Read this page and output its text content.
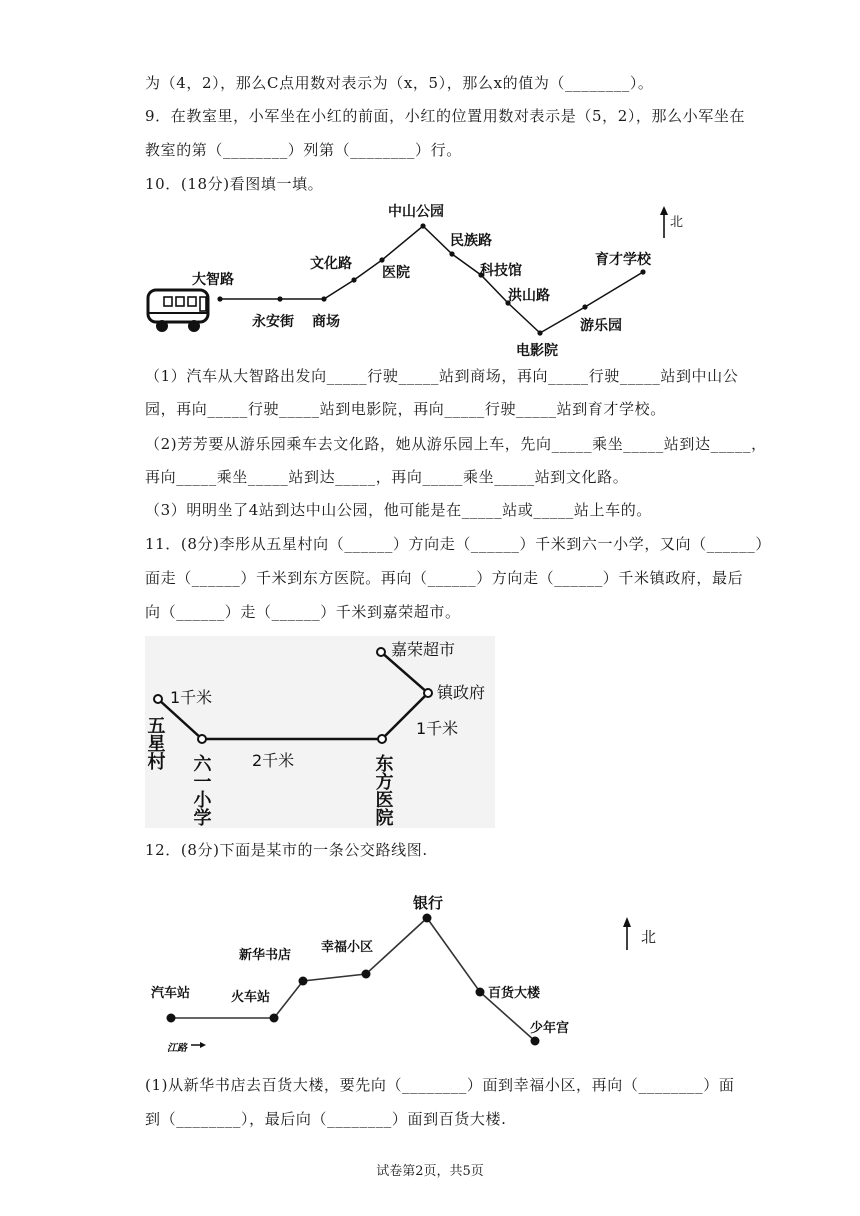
为（4，2），那么C点用数对表示为（x，5），那么x的值为（________）。
9．在教室里，小军坐在小红的前面，小红的位置用数对表示是（5，2），那么小军坐在
教室的第（________）列第（________）行。
10．(18分)看图填一填。
大智路
永安街 商场
文化路
医院
中山公园
民族路
科技馆
洪山路
电影院
游乐园
育才学校
北
（1）汽车从大智路出发向_____行驶_____站到商场，再向_____行驶_____站到中山公
园，再向_____行驶_____站到电影院，再向_____行驶_____站到育才学校。
（2)芳芳要从游乐园乘车去文化路，她从游乐园上车，先向_____乘坐_____站到达_____，
再向_____乘坐_____站到达_____，再向_____乘坐_____站到文化路。
（3）明明坐了4站到达中山公园，他可能是在_____站或_____站上车的。
11．(8分)李彤从五星村向（______）方向走（______）千米到六一小学，又向（______）
面走（______）千米到东方医院。再向（______）方向走（______）千米镇政府，最后
向（______）走（______）千米到嘉荣超市。
嘉荣超市
镇政府
1千米
2千米
1千米
五星村
六一小学	东方医院
12．(8分)下面是某市的一条公交路线图.
汽车站	火车站
新华书店
幸福小区
银行
百货大楼
少年宫
江路
北
(1)从新华书店去百货大楼，要先向（________）面到幸福小区，再向（________）面
到（________），最后向（________）面到百货大楼.
试卷第2页，共5页
